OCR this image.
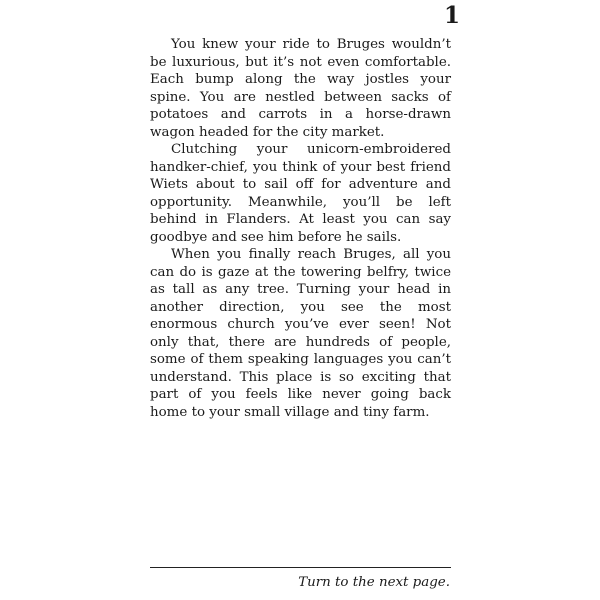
1

You knew your ride to Bruges wouldn’t be luxurious, but it’s not even comfortable. Each bump along the way jostles your spine. You are nestled between sacks of potatoes and carrots in a horse-drawn wagon headed for the city market.

Clutching your unicorn-embroidered handker-chief, you think of your best friend Wiets about to sail off for adventure and opportunity. Meanwhile, you’ll be left behind in Flanders. At least you can say goodbye and see him before he sails.

When you finally reach Bruges, all you can do is gaze at the towering belfry, twice as tall as any tree. Turning your head in another direction, you see the most enormous church you’ve ever seen! Not only that, there are hundreds of people, some of them speaking languages you can’t understand. This place is so exciting that part of you feels like never going back home to your small village and tiny farm.

Turn to the next page.
